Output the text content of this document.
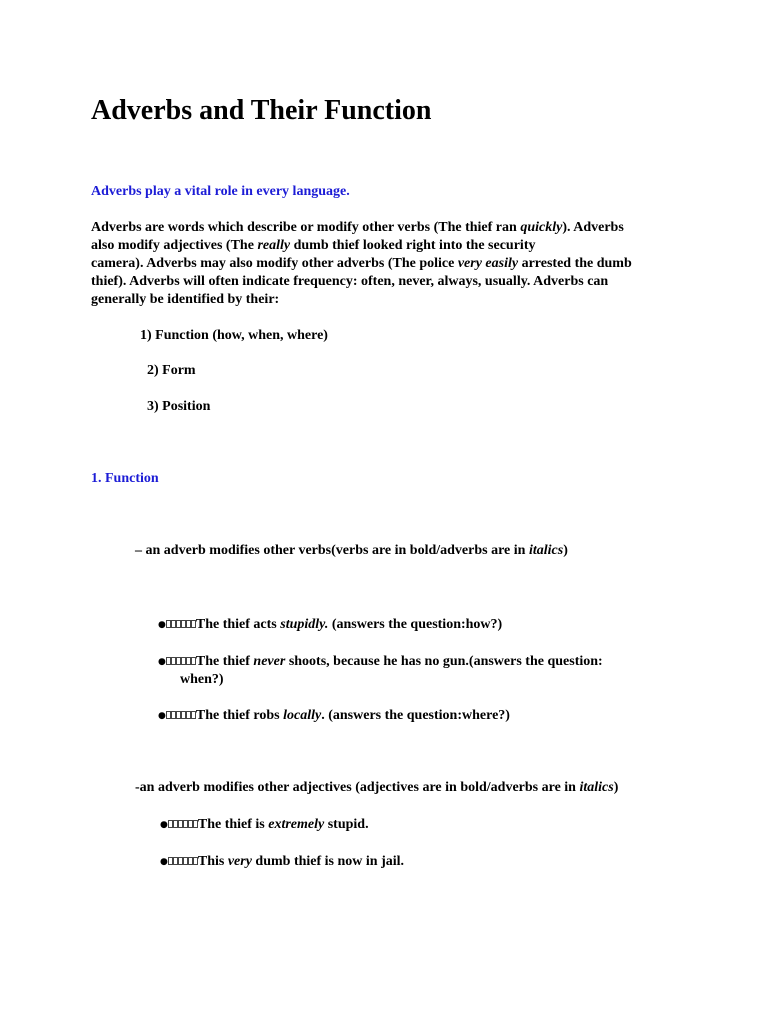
Adverbs and Their Function

Adverbs play a vital role in every language.

Adverbs are words which describe or modify other verbs (The thief ran quickly). Adverbs
also modify adjectives (The really dumb thief looked right into the security
camera). Adverbs may also modify other adverbs (The police very easily arrested the dumb
thief). Adverbs will often indicate frequency: often, never, always, usually. Adverbs can
generally be identified by their:

1) Function (how, when, where)

2) Form

3) Position

1. Function

– an adverb modifies other verbs(verbs are in bold/adverbs are in italics)

● The thief acts stupidly. (answers the question:how?)

● The thief never shoots, because he has no gun.(answers the question:

when?)

● The thief robs locally. (answers the question:where?)

-an adverb modifies other adjectives (adjectives are in bold/adverbs are in italics)

● The thief is extremely stupid.

● This very dumb thief is now in jail.
